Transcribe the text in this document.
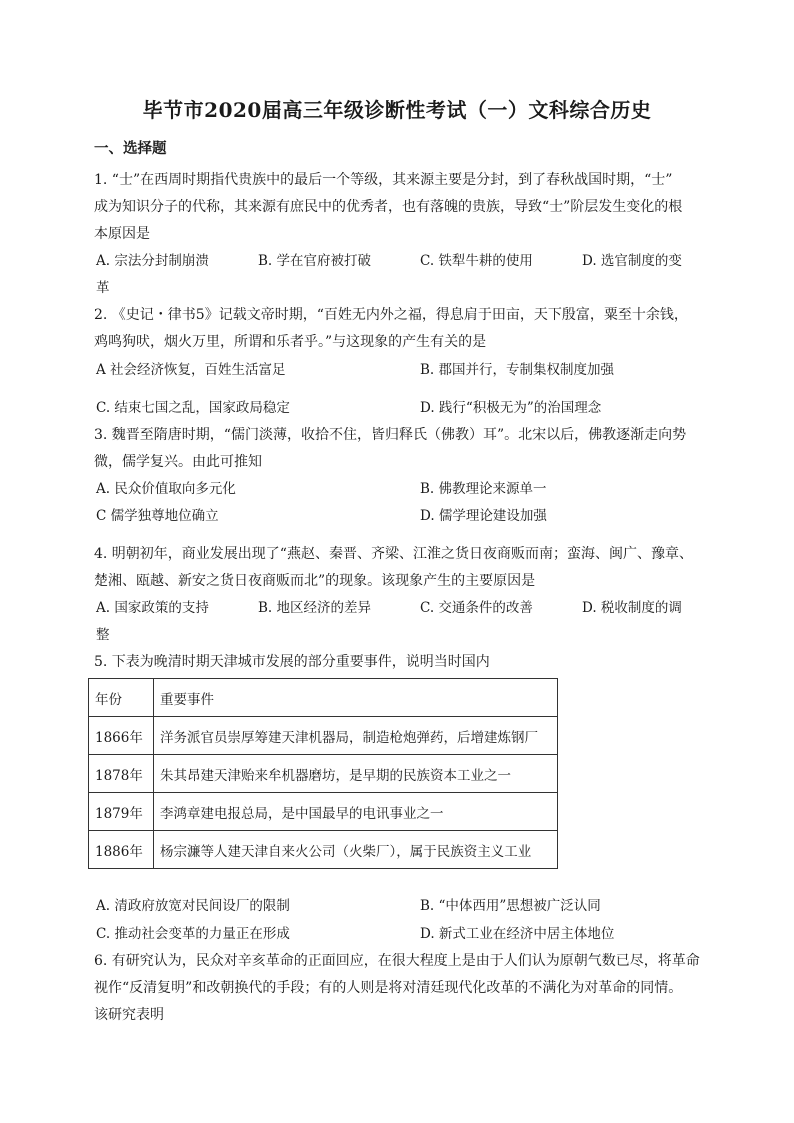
毕节市2020届高三年级诊断性考试（一）文科综合历史
一、选择题
1. “士”在西周时期指代贵族中的最后一个等级，其来源主要是分封，到了春秋战国时期，“士”
成为知识分子的代称，其来源有庶民中的优秀者，也有落魄的贵族，导致“士”阶层发生变化的根
本原因是
A. 宗法分封制崩溃	B. 学在官府被打破	C. 铁犁牛耕的使用	D. 选官制度的变
革
2. 《史记・律书5》记载文帝时期，“百姓无内外之福，得息肩于田亩，天下殷富，粟至十余钱，
鸡鸣狗吠，烟火万里，所谓和乐者乎。”与这现象的产生有关的是
A 社会经济恢复，百姓生活富足	B. 郡国并行，专制集权制度加强
C. 结束七国之乱，国家政局稳定	D. 践行“积极无为”的治国理念
3. 魏晋至隋唐时期，“儒门淡薄，收拾不住，皆归释氏（佛教）耳”。北宋以后，佛教逐渐走向势
微，儒学复兴。由此可推知
A. 民众价值取向多元化	B. 佛教理论来源单一
C 儒学独尊地位确立	D. 儒学理论建设加强
4. 明朝初年，商业发展出现了“燕赵、秦晋、齐梁、江淮之货日夜商贩而南；蛮海、闽广、豫章、
楚湘、瓯越、新安之货日夜商贩而北”的现象。该现象产生的主要原因是
A. 国家政策的支持	B. 地区经济的差异	C. 交通条件的改善	D. 税收制度的调
整
5. 下表为晚清时期天津城市发展的部分重要事件，说明当时国内
年份	重要事件
1866年	洋务派官员崇厚筹建天津机器局，制造枪炮弹药，后增建炼钢厂
1878年	朱其昂建天津贻来牟机器磨坊，是早期的民族资本工业之一
1879年	李鸿章建电报总局，是中国最早的电讯事业之一
1886年	杨宗濂等人建天津自来火公司（火柴厂），属于民族资主义工业
A. 清政府放宽对民间设厂的限制	B. “中体西用”思想被广泛认同
C. 推动社会变革的力量正在形成	D. 新式工业在经济中居主体地位
6. 有研究认为，民众对辛亥革命的正面回应，在很大程度上是由于人们认为原朝气数已尽，将革命
视作“反清复明”和改朝换代的手段；有的人则是将对清廷现代化改革的不满化为对革命的同情。
该研究表明
